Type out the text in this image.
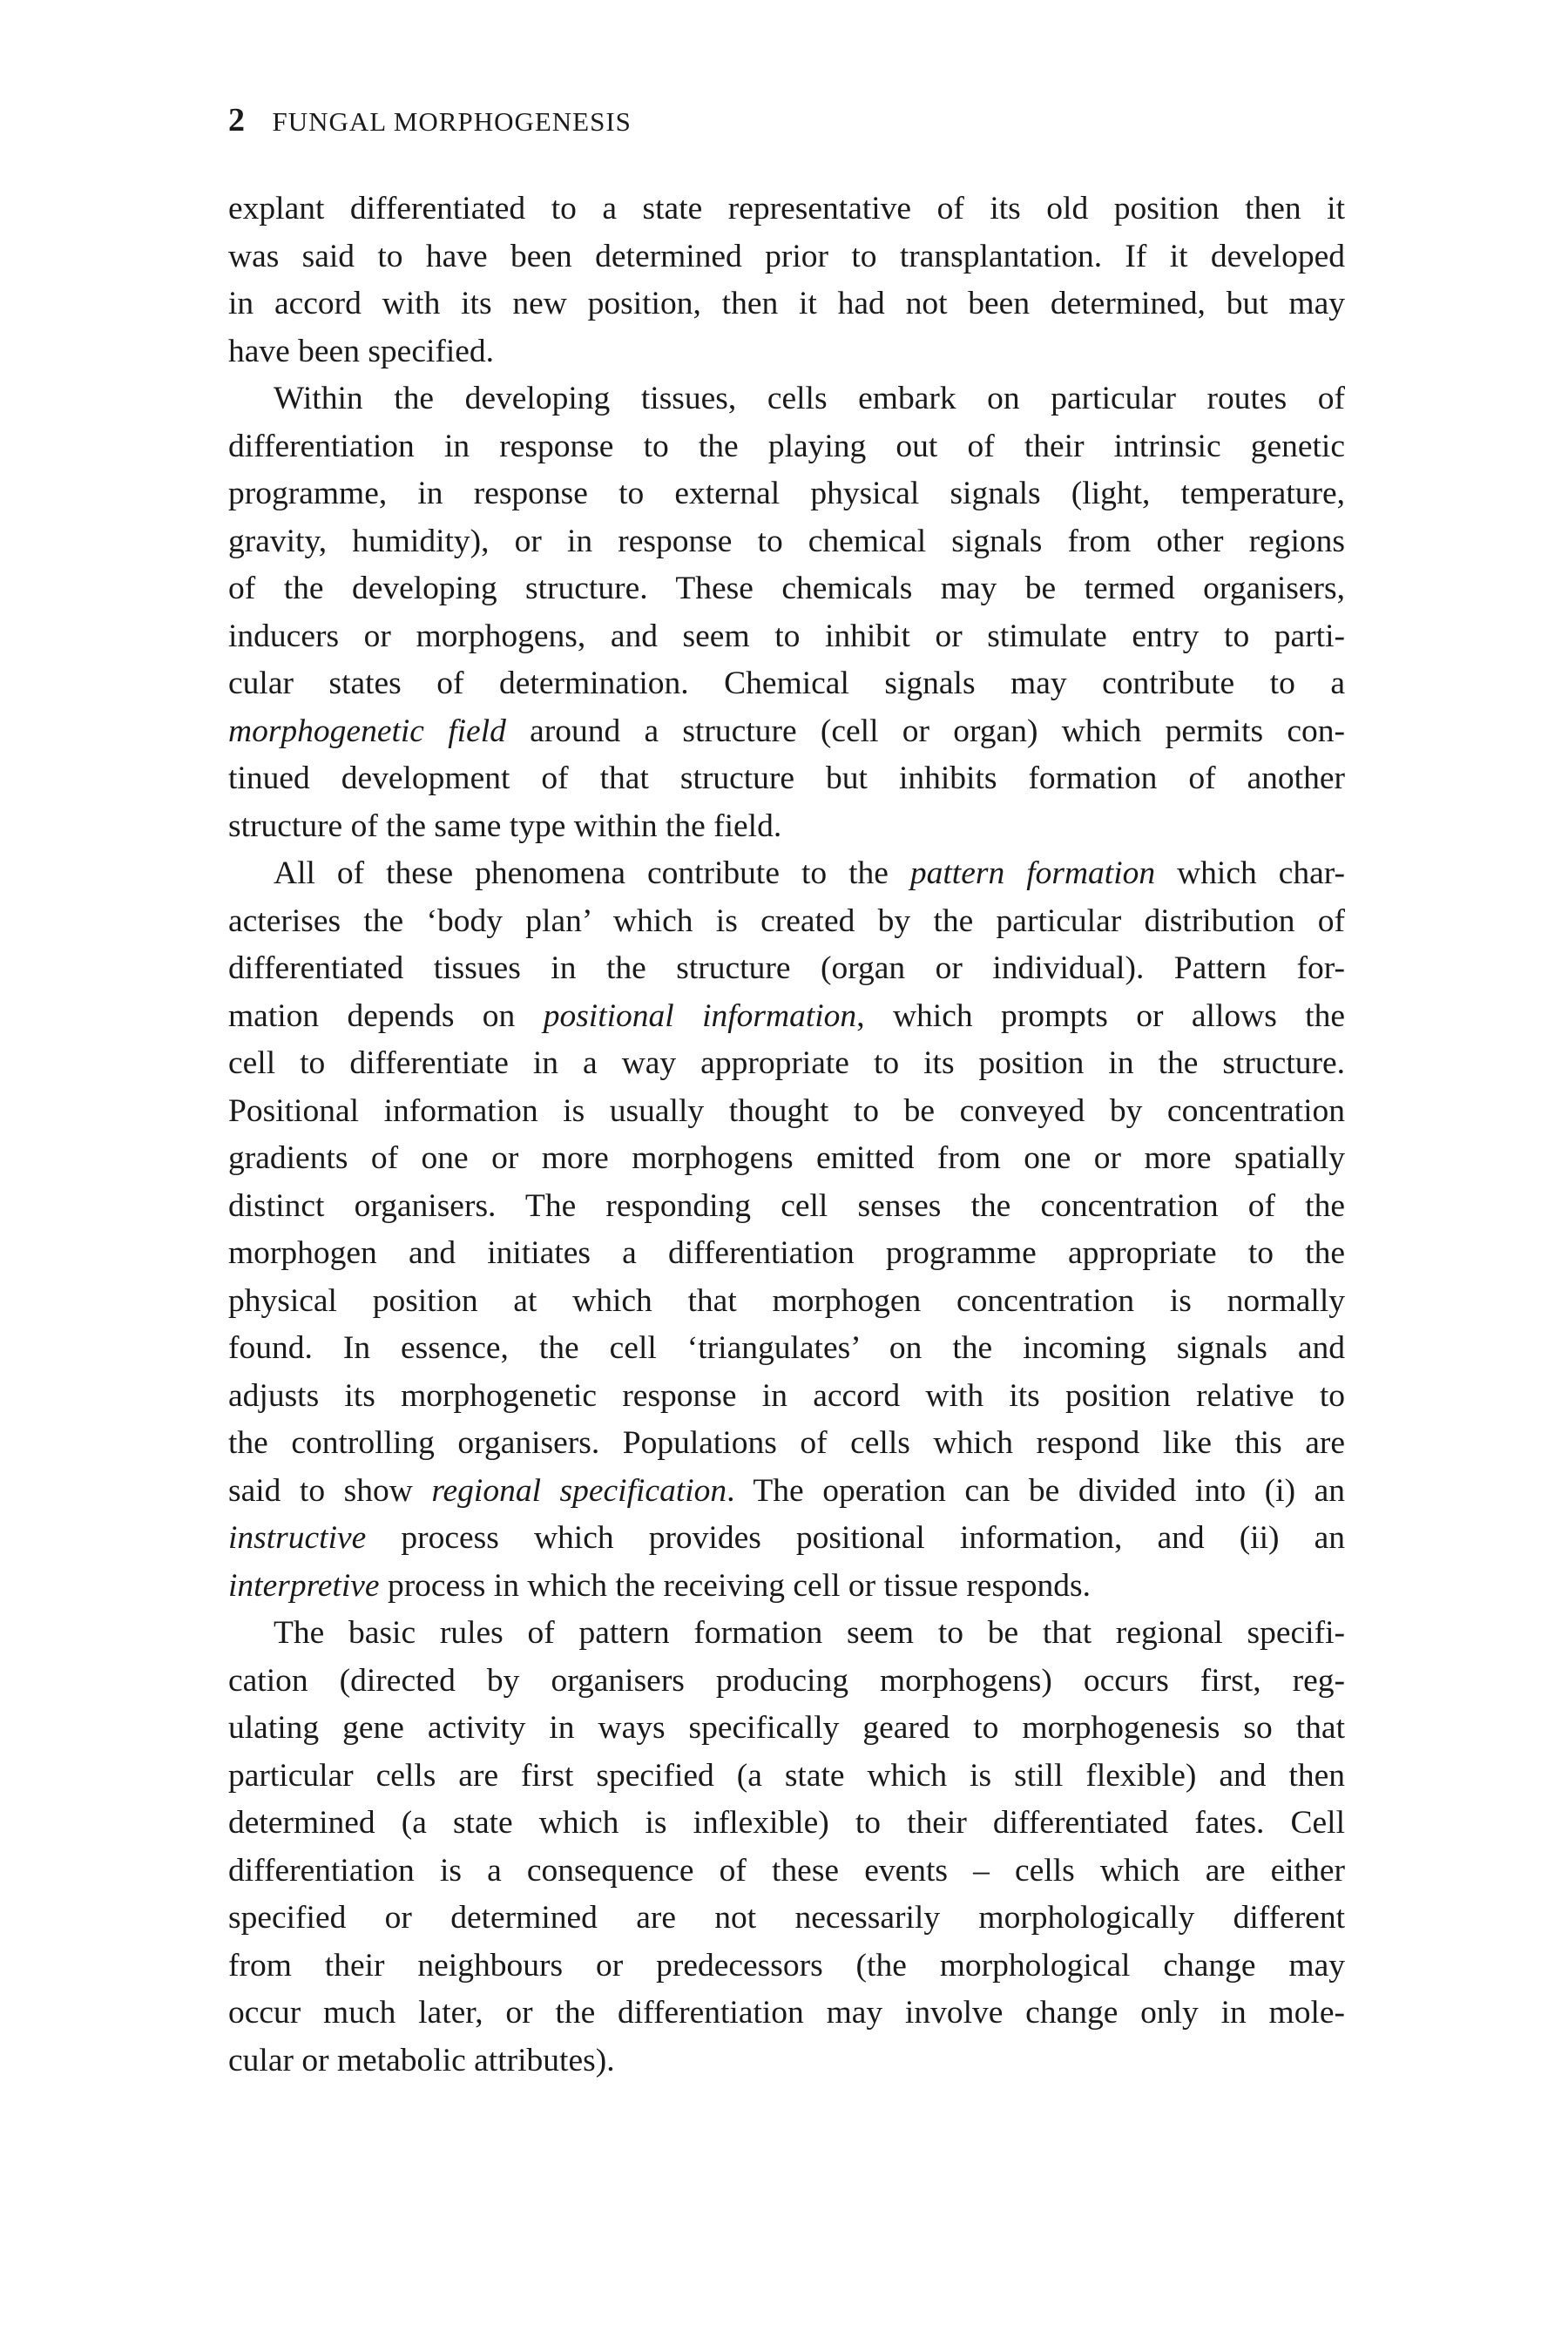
2 FUNGAL MORPHOGENESIS
explant differentiated to a state representative of its old position then it
was said to have been determined prior to transplantation. If it developed
in accord with its new position, then it had not been determined, but may
have been specified.
Within the developing tissues, cells embark on particular routes of
differentiation in response to the playing out of their intrinsic genetic
programme, in response to external physical signals (light, temperature,
gravity, humidity), or in response to chemical signals from other regions
of the developing structure. These chemicals may be termed organisers,
inducers or morphogens, and seem to inhibit or stimulate entry to parti-
cular states of determination. Chemical signals may contribute to a
morphogenetic field around a structure (cell or organ) which permits con-
tinued development of that structure but inhibits formation of another
structure of the same type within the field.
All of these phenomena contribute to the pattern formation which char-
acterises the ‘body plan’ which is created by the particular distribution of
differentiated tissues in the structure (organ or individual). Pattern for-
mation depends on positional information, which prompts or allows the
cell to differentiate in a way appropriate to its position in the structure.
Positional information is usually thought to be conveyed by concentration
gradients of one or more morphogens emitted from one or more spatially
distinct organisers. The responding cell senses the concentration of the
morphogen and initiates a differentiation programme appropriate to the
physical position at which that morphogen concentration is normally
found. In essence, the cell ‘triangulates’ on the incoming signals and
adjusts its morphogenetic response in accord with its position relative to
the controlling organisers. Populations of cells which respond like this are
said to show regional specification. The operation can be divided into (i) an
instructive process which provides positional information, and (ii) an
interpretive process in which the receiving cell or tissue responds.
The basic rules of pattern formation seem to be that regional specifi-
cation (directed by organisers producing morphogens) occurs first, reg-
ulating gene activity in ways specifically geared to morphogenesis so that
particular cells are first specified (a state which is still flexible) and then
determined (a state which is inflexible) to their differentiated fates. Cell
differentiation is a consequence of these events – cells which are either
specified or determined are not necessarily morphologically different
from their neighbours or predecessors (the morphological change may
occur much later, or the differentiation may involve change only in mole-
cular or metabolic attributes).
